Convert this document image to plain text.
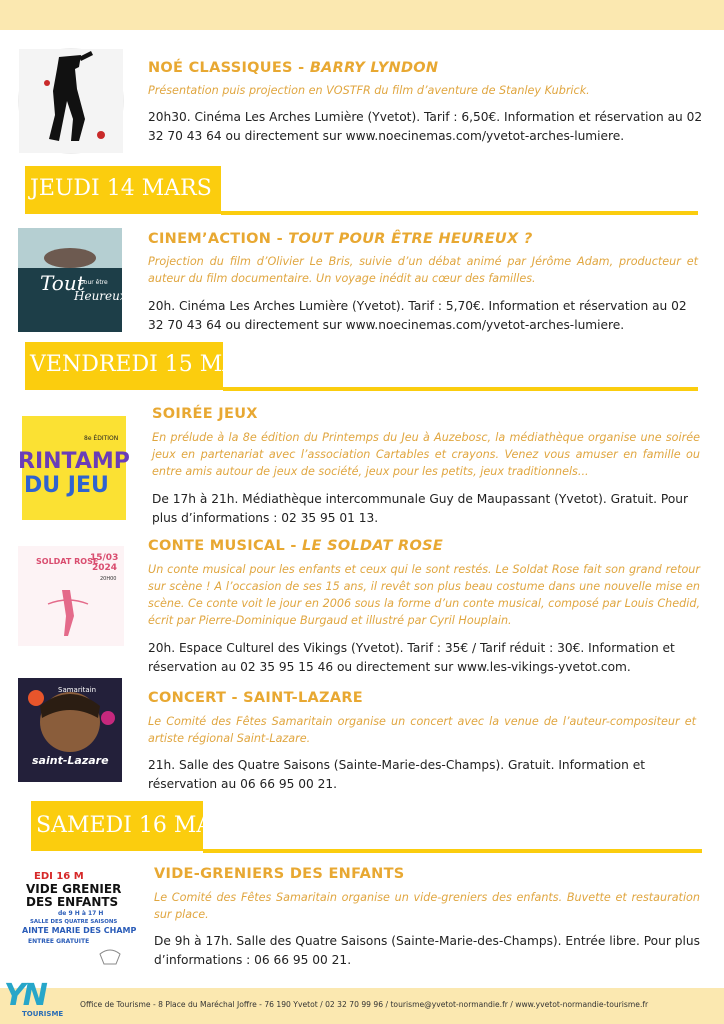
NOÉ CLASSIQUES - BARRY LYNDON
Présentation puis projection en VOSTFR du film d’aventure de Stanley Kubrick.
20h30. Cinéma Les Arches Lumière (Yvetot). Tarif : 6,50€. Information et réservation au 02 32 70 43 64 ou directement sur www.noecinemas.com/yvetot-arches-lumiere.
JEUDI 14 MARS
Tout
pour être
Heureux?
CINEM’ACTION - TOUT POUR ÊTRE HEUREUX ?
Projection du film d’Olivier Le Bris, suivie d’un débat animé par Jérôme Adam, producteur et auteur du film documentaire. Un voyage inédit au cœur des familles.
20h. Cinéma Les Arches Lumière (Yvetot). Tarif : 5,70€. Information et réservation au 02 32 70 43 64 ou directement sur www.noecinemas.com/yvetot-arches-lumiere.
VENDREDI 15 MARS
8e ÉDITION
RINTAMP
DU JEU
SOIRÉE JEUX
En prélude à la 8e édition du Printemps du Jeu à Auzebosc, la médiathèque organise une soirée jeux en partenariat avec l’association Cartables et crayons. Venez vous amuser en famille ou entre amis autour de jeux de société, jeux pour les petits, jeux traditionnels...
De 17h à 21h. Médiathèque intercommunale Guy de Maupassant (Yvetot). Gratuit. Pour plus d’informations : 02 35 95 01 13.
SOLDAT ROSE
15/03
2024
20H00
CONTE MUSICAL - LE SOLDAT ROSE
Un conte musical pour les enfants et ceux qui le sont restés. Le Soldat Rose fait son grand retour sur scène ! A l’occasion de ses 15 ans, il revêt son plus beau costume dans une nouvelle mise en scène. Ce conte voit le jour en 2006 sous la forme d’un conte musical, composé par Louis Chedid, écrit par Pierre-Dominique Burgaud et illustré par Cyril Houplain.
20h. Espace Culturel des Vikings (Yvetot). Tarif : 35€ / Tarif réduit : 30€. Information et réservation au 02 35 95 15 46 ou directement sur www.les-vikings-yvetot.com.
Samaritain
saint-Lazare
CONCERT - SAINT-LAZARE
Le Comité des Fêtes Samaritain organise un concert avec la venue de l’auteur-compositeur et artiste régional Saint-Lazare.
21h. Salle des Quatre Saisons (Sainte-Marie-des-Champs). Gratuit. Information et réservation au 06 66 95 00 21.
SAMEDI 16 MARS
EDI 16 M
VIDE GRENIER
DES ENFANTS
de 9 H à 17 H
SALLE DES QUATRE SAISONS
AINTE MARIE DES CHAMP
ENTREE GRATUITE
VIDE-GRENIERS DES ENFANTS
Le Comité des Fêtes Samaritain organise un vide-greniers des enfants. Buvette et restauration sur place.
De 9h à 17h. Salle des Quatre Saisons (Sainte-Marie-des-Champs). Entrée libre. Pour plus d’informations : 06 66 95 00 21.
YN
TOURISME
Office de Tourisme - 8 Place du Maréchal Joffre - 76 190 Yvetot / 02 32 70 99 96 / tourisme@yvetot-normandie.fr / www.yvetot-normandie-tourisme.fr
